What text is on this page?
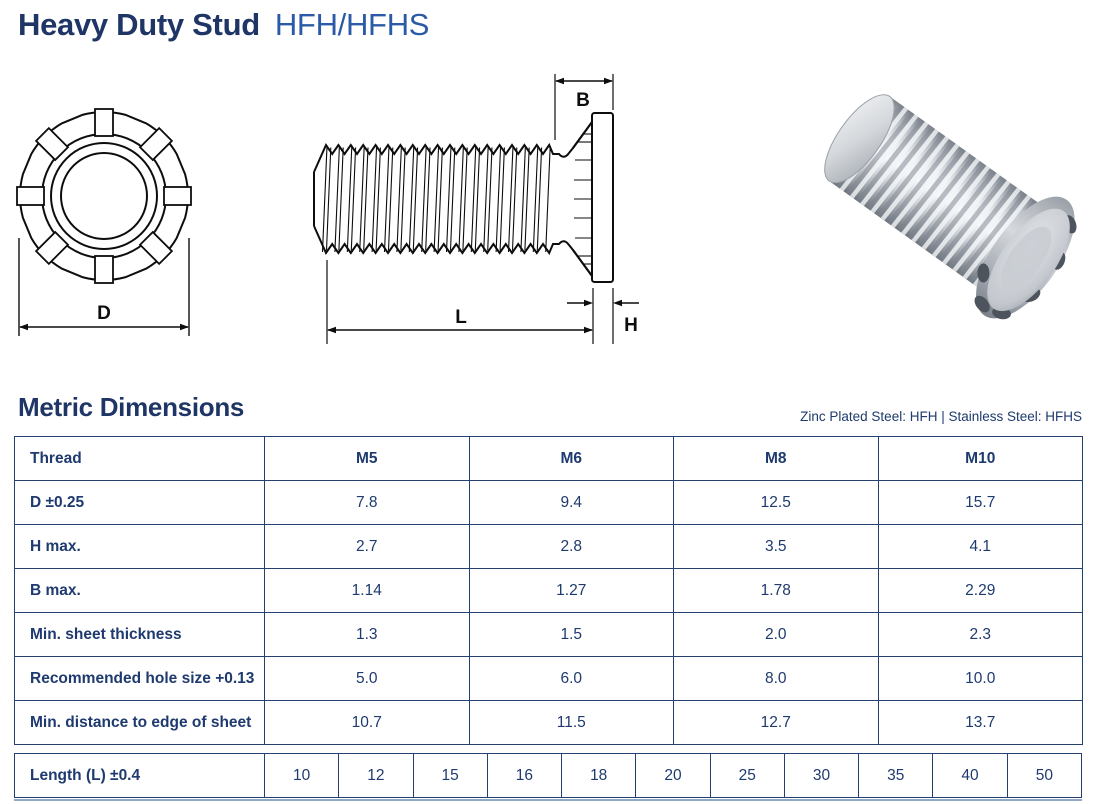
Heavy Duty Stud HFH/HFHS
D
B
L	H
Metric Dimensions	Zinc Plated Steel: HFH | Stainless Steel: HFHS
Thread	M5	M6	M8	M10
D ±0.25	7.8	9.4	12.5	15.7
H max.	2.7	2.8	3.5	4.1
B max.	1.14	1.27	1.78	2.29
Min. sheet thickness	1.3	1.5	2.0	2.3
Recommended hole size +0.13	5.0	6.0	8.0	10.0
Min. distance to edge of sheet	10.7	11.5	12.7	13.7
Length (L) ±0.4	10	12	15	16	18	20	25	30	35	40	50
